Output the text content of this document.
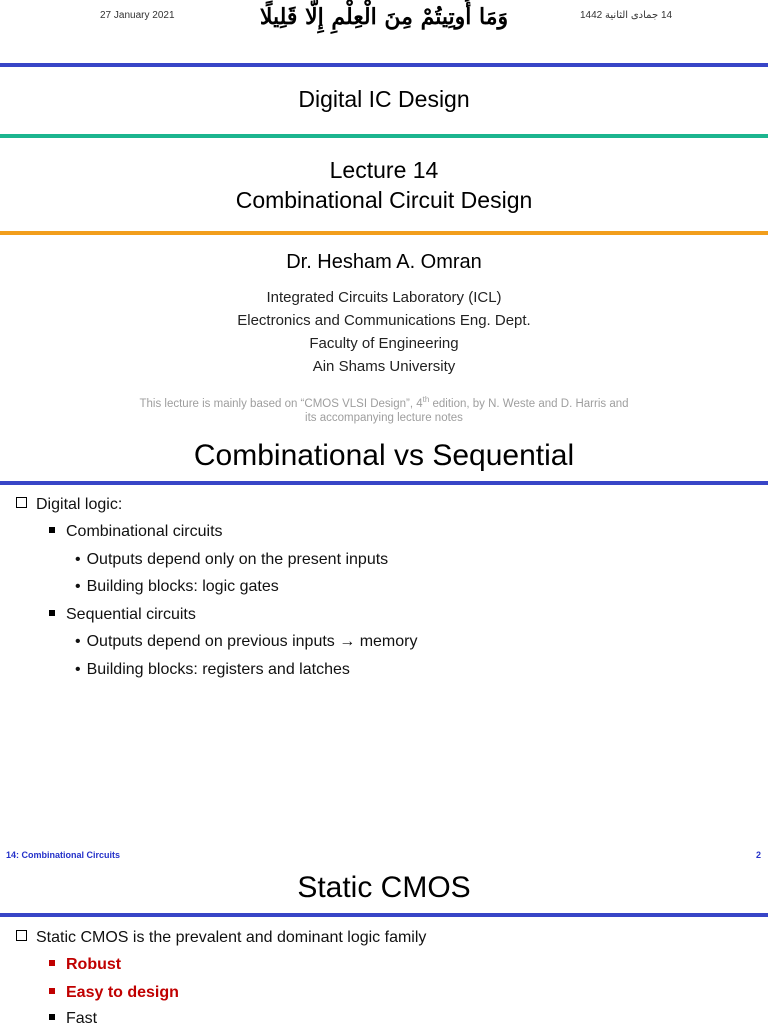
27 January 2021	وَمَا أُوتِيتُمْ مِنَ الْعِلْمِ إِلَّا قَلِيلًا	14 جمادى الثانية 1442
Digital IC Design
Lecture 14
Combinational Circuit Design
Dr. Hesham A. Omran
Integrated Circuits Laboratory (ICL)
Electronics and Communications Eng. Dept.
Faculty of Engineering
Ain Shams University
This lecture is mainly based on “CMOS VLSI Design”, 4th edition, by N. Weste and D. Harris and
its accompanying lecture notes
Combinational vs Sequential
Digital logic:
Combinational circuits
• Outputs depend only on the present inputs
• Building blocks: logic gates
Sequential circuits
• Outputs depend on previous inputs → memory
• Building blocks: registers and latches
14: Combinational Circuits	2
Static CMOS
Static CMOS is the prevalent and dominant logic family
Robust
Easy to design
Fast
